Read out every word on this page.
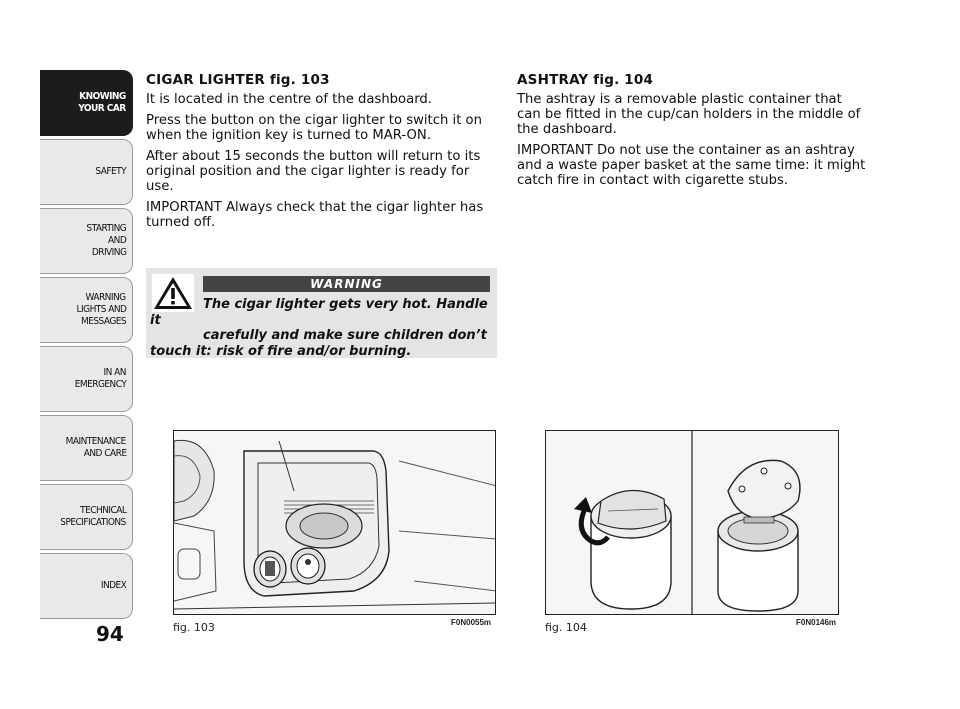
KNOWING
YOUR CAR
SAFETY
STARTING
AND
DRIVING
WARNING
LIGHTS AND
MESSAGES
IN AN
EMERGENCY
MAINTENANCE
AND CARE
TECHNICAL
SPECIFICATIONS
INDEX
94
CIGAR LIGHTER fig. 103

It is located in the centre of the dashboard.

Press the button on the cigar lighter to switch it on when the ignition key is turned to MAR-ON.

After about 15 seconds the button will return to its original position and the cigar lighter is ready for use.

IMPORTANT Always check that the cigar lighter has turned off.

WARNING
The cigar lighter gets very hot. Handle it
carefully and make sure children don’t
touch it: risk of fire and/or burning.
ASHTRAY fig. 104

The ashtray is a removable plastic container that can be fitted in the cup/can holders in the middle of the dashboard.

IMPORTANT Do not use the container as an ashtray and a waste paper basket at the same time: it might catch fire in contact with cigarette stubs.

fig. 103	F0N0055m	fig. 104	F0N0146m
